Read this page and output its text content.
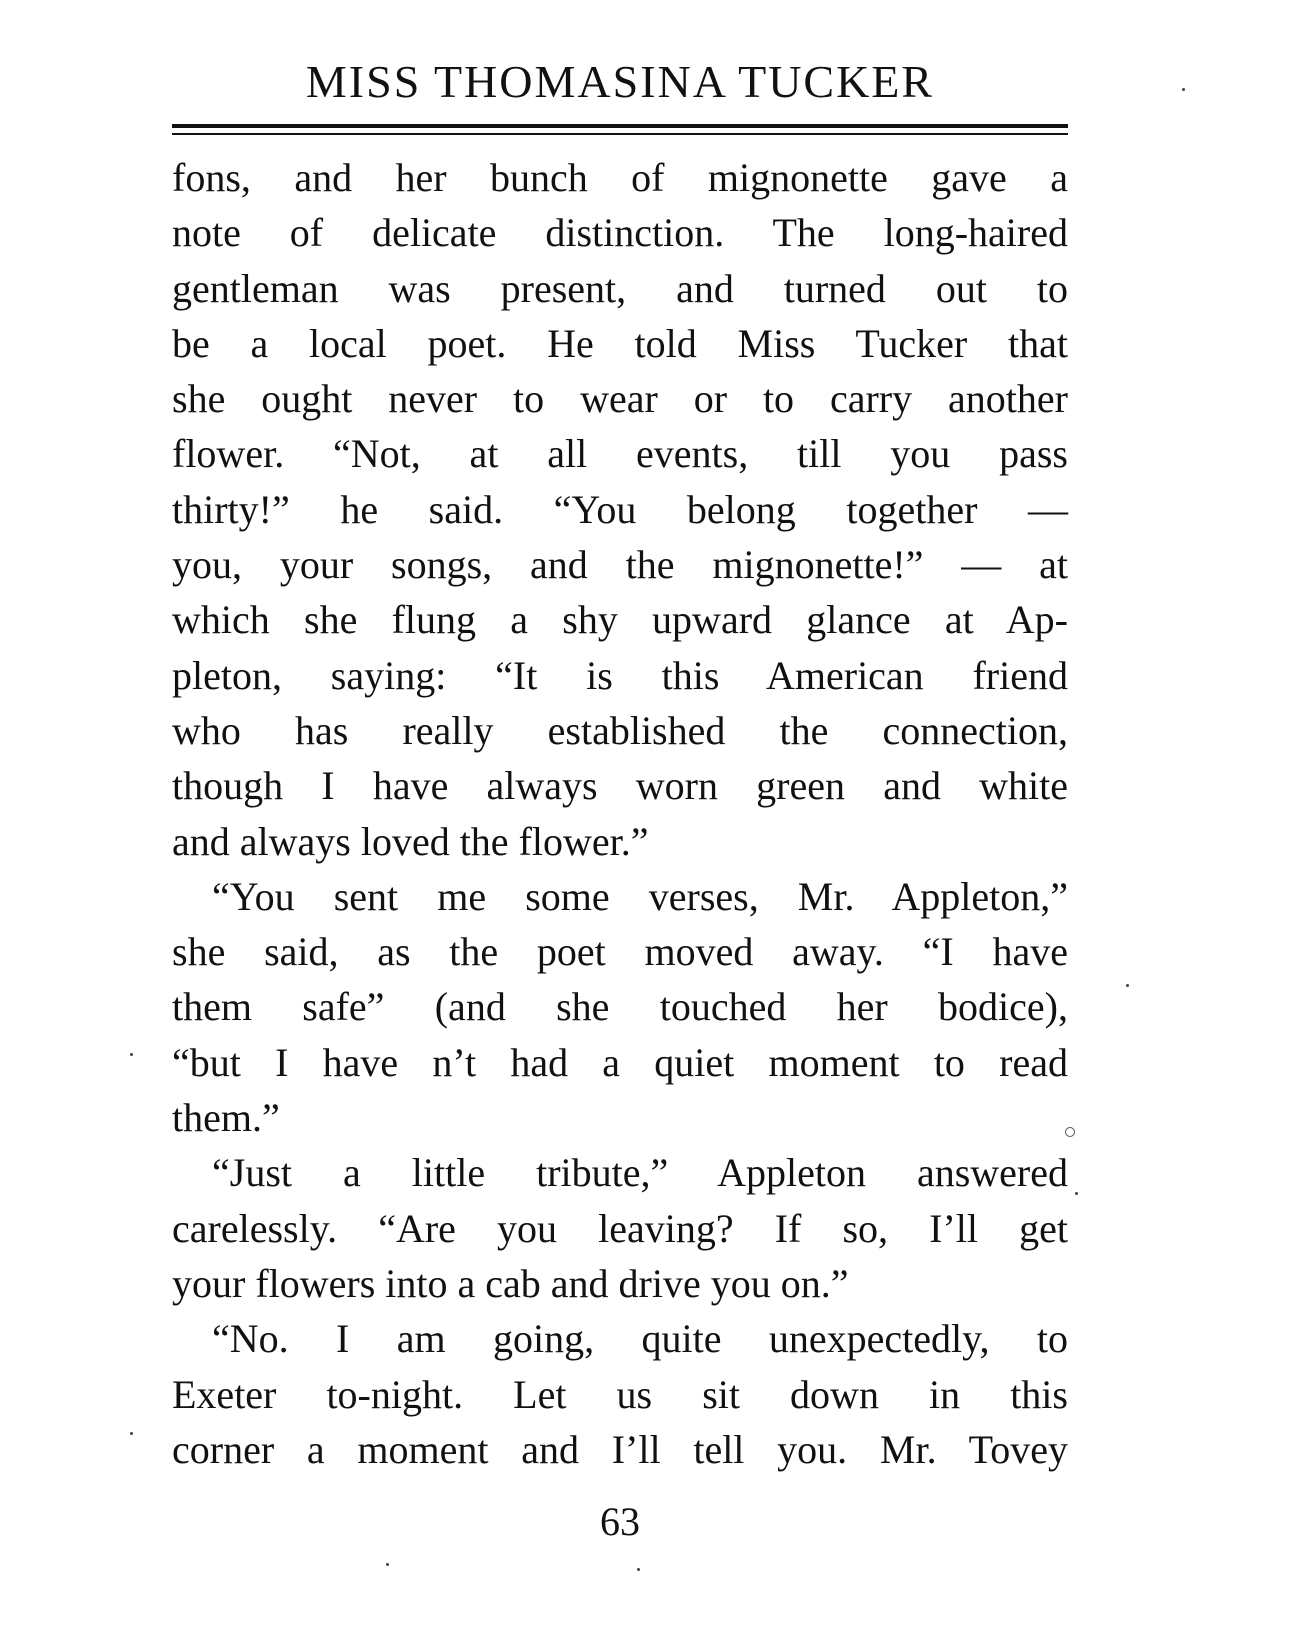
MISS THOMASINA TUCKER
fons, and her bunch of mignonette gave a
note of delicate distinction. The long-haired
gentleman was present, and turned out to
be a local poet. He told Miss Tucker that
she ought never to wear or to carry another
flower. “Not, at all events, till you pass
thirty!” he said. “You belong together —
you, your songs, and the mignonette!” — at
which she flung a shy upward glance at Ap-
pleton, saying: “It is this American friend
who has really established the connection,
though I have always worn green and white
and always loved the flower.”
“You sent me some verses, Mr. Appleton,”
she said, as the poet moved away. “I have
them safe” (and she touched her bodice),
“but I have n’t had a quiet moment to read
them.”
“Just a little tribute,” Appleton answered
carelessly. “Are you leaving? If so, I’ll get
your flowers into a cab and drive you on.”
“No. I am going, quite unexpectedly, to
Exeter to-night. Let us sit down in this
corner a moment and I’ll tell you. Mr. Tovey
63
